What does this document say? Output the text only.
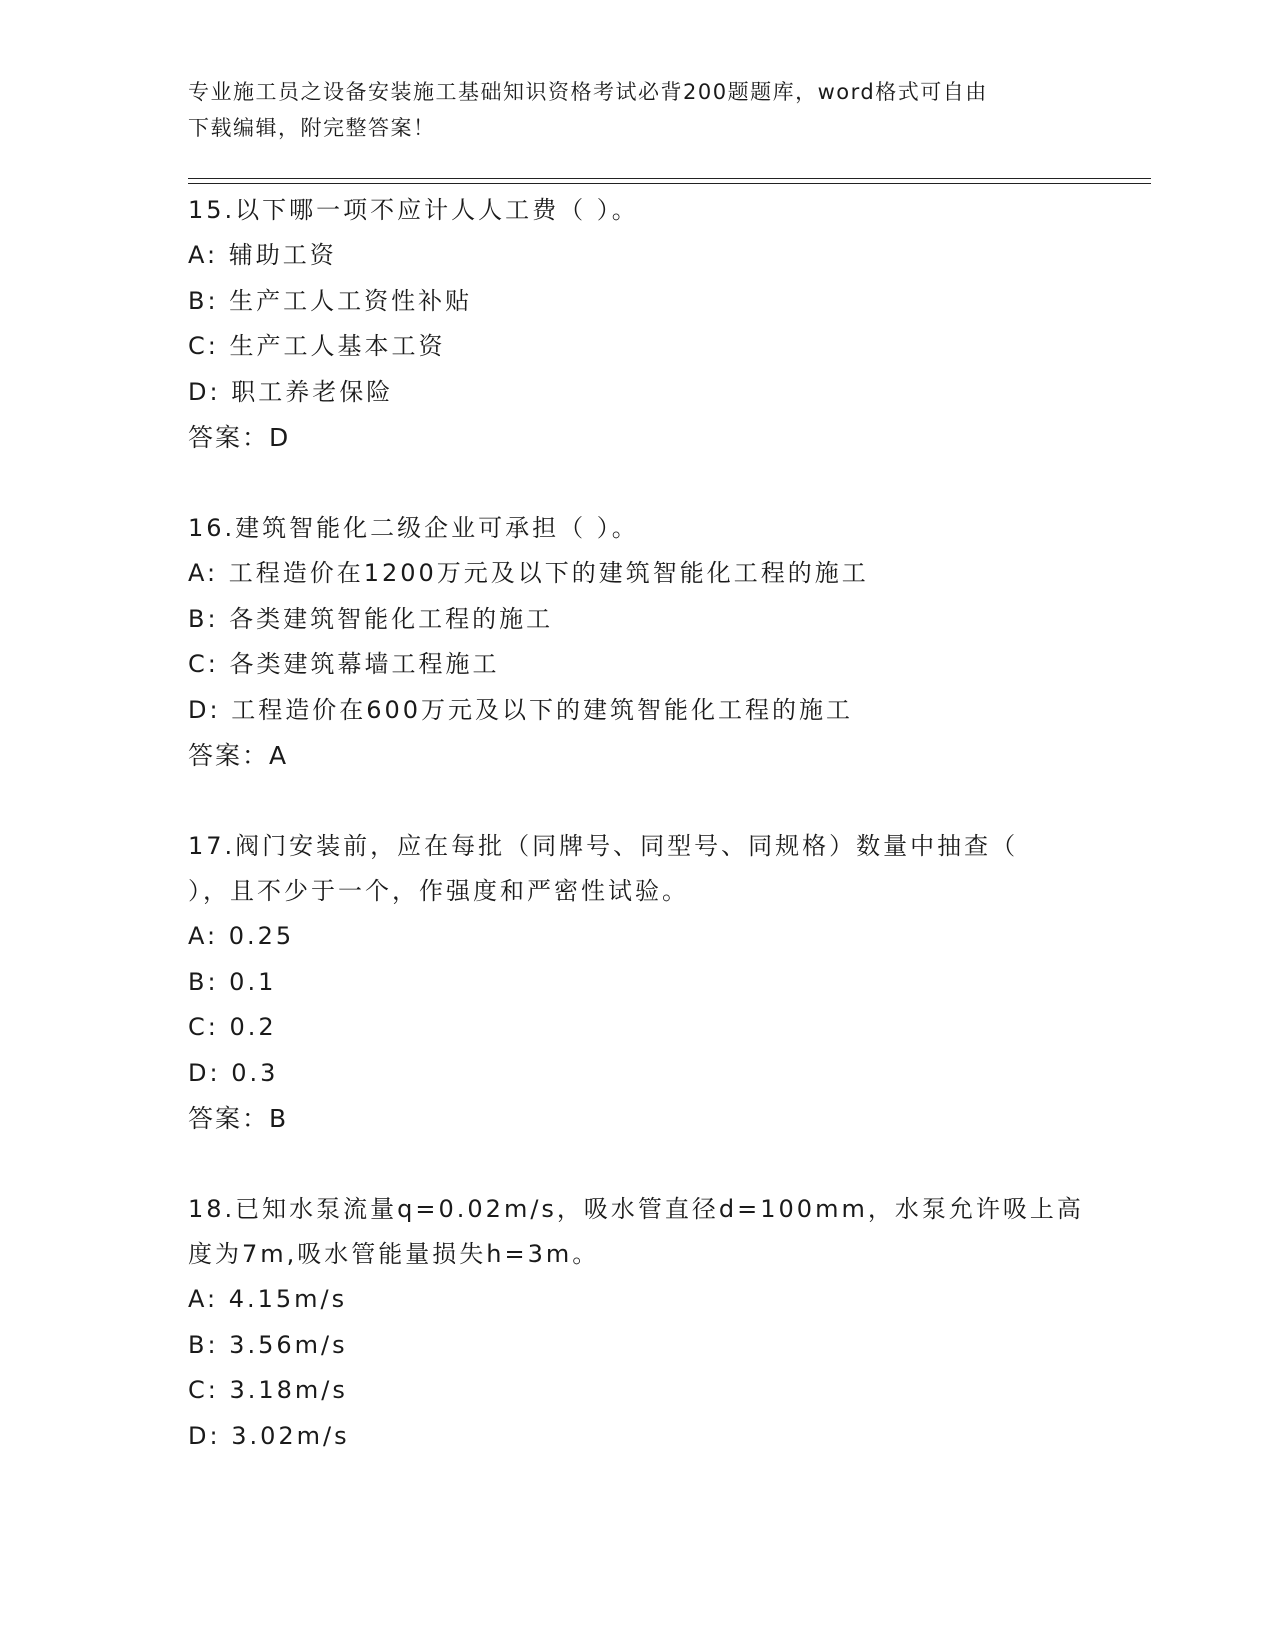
专业施工员之设备安装施工基础知识资格考试必背200题题库，word格式可自由
下载编辑，附完整答案！

15.以下哪一项不应计人人工费（ ）。

A: 辅助工资

B: 生产工人工资性补贴

C: 生产工人基本工资

D: 职工养老保险

答案：D

16.建筑智能化二级企业可承担（ ）。

A: 工程造价在1200万元及以下的建筑智能化工程的施工

B: 各类建筑智能化工程的施工

C: 各类建筑幕墙工程施工

D: 工程造价在600万元及以下的建筑智能化工程的施工

答案：A

17.阀门安装前，应在每批（同牌号、同型号、同规格）数量中抽查（

），且不少于一个，作强度和严密性试验。

A: 0.25

B: 0.1

C: 0.2

D: 0.3

答案：B

18.已知水泵流量q=0.02m/s，吸水管直径d=100mm，水泵允许吸上高

度为7m,吸水管能量损失h=3m。

A: 4.15m/s

B: 3.56m/s

C: 3.18m/s

D: 3.02m/s
